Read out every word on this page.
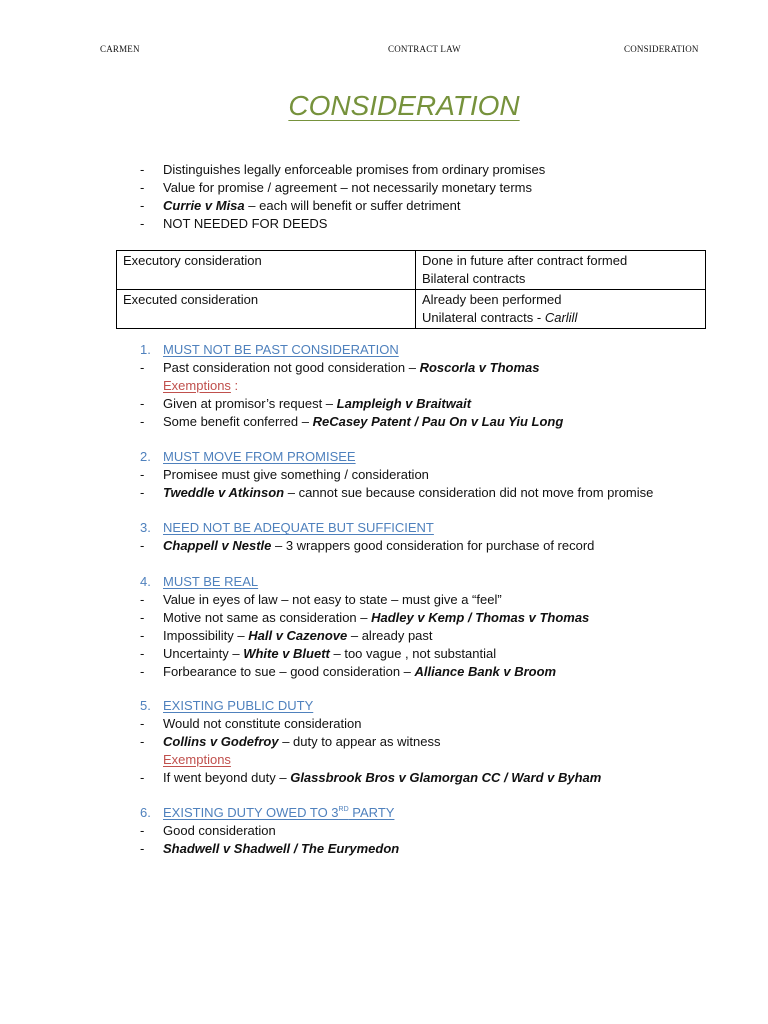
CARMEN	CONTRACT LAW	CONSIDERATION
CONSIDERATION
- Distinguishes legally enforceable promises from ordinary promises
- Value for promise / agreement – not necessarily monetary terms
- Currie v Misa – each will benefit or suffer detriment
- NOT NEEDED FOR DEEDS
Executory consideration	Done in future after contract formed
Bilateral contracts

Executed consideration	Already been performed
Unilateral contracts - Carlill
1. MUST NOT BE PAST CONSIDERATION
- Past consideration not good consideration – Roscorla v Thomas
Exemptions :
- Given at promisor’s request – Lampleigh v Braitwait
- Some benefit conferred – ReCasey Patent / Pau On v Lau Yiu Long
2. MUST MOVE FROM PROMISEE
- Promisee must give something / consideration
- Tweddle v Atkinson – cannot sue because consideration did not move from promise
3. NEED NOT BE ADEQUATE BUT SUFFICIENT
- Chappell v Nestle – 3 wrappers good consideration for purchase of record
4. MUST BE REAL
- Value in eyes of law – not easy to state – must give a “feel”
- Motive not same as consideration – Hadley v Kemp / Thomas v Thomas
- Impossibility – Hall v Cazenove – already past
- Uncertainty – White v Bluett – too vague , not substantial
- Forbearance to sue – good consideration – Alliance Bank v Broom
5. EXISTING PUBLIC DUTY
- Would not constitute consideration
- Collins v Godefroy – duty to appear as witness
Exemptions
- If went beyond duty – Glassbrook Bros v Glamorgan CC / Ward v Byham
6. EXISTING DUTY OWED TO 3RD PARTY
- Good consideration
- Shadwell v Shadwell / The Eurymedon
